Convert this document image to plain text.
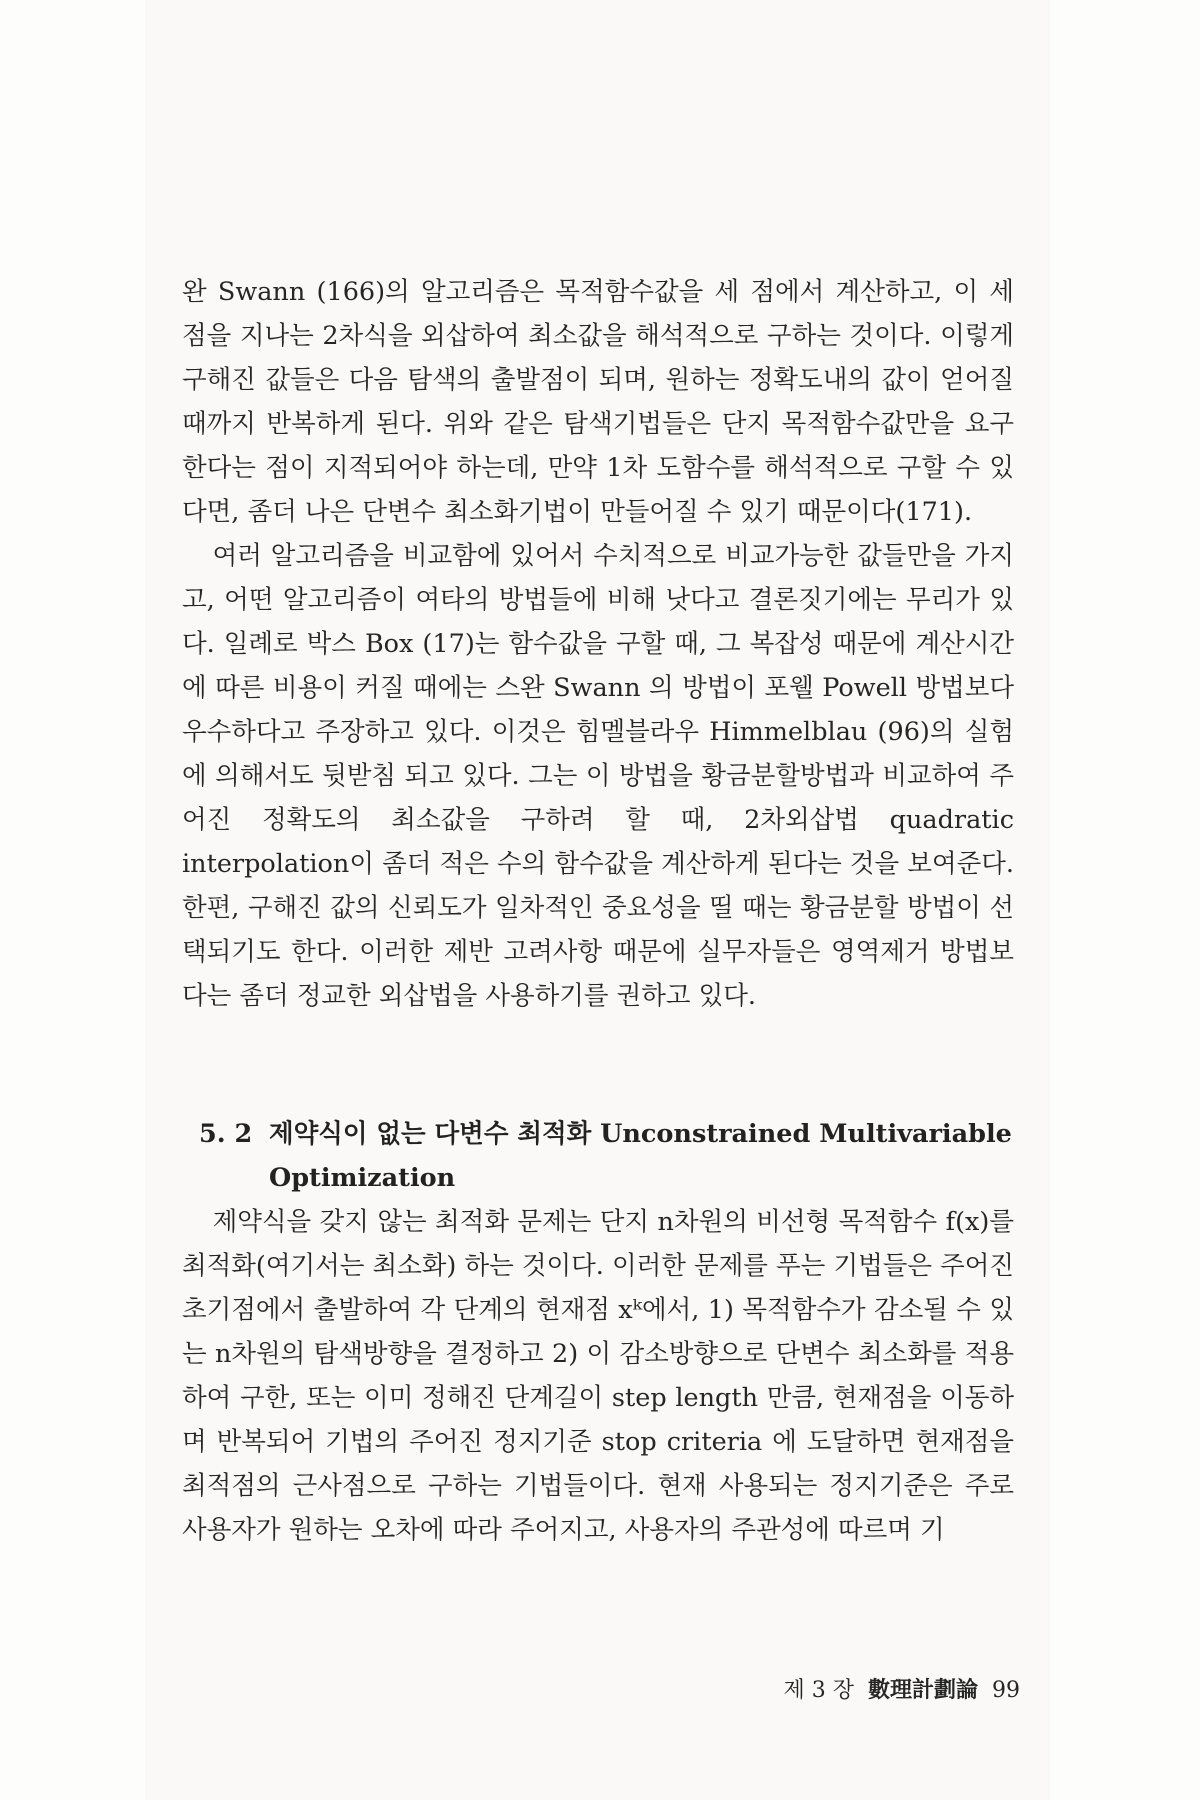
완 Swann (166)의 알고리즘은 목적함수값을 세 점에서 계산하고, 이 세 점을 지나는 2차식을 외삽하여 최소값을 해석적으로 구하는 것이다. 이렇게 구해진 값들은 다음 탐색의 출발점이 되며, 원하는 정확도내의 값이 얻어질 때까지 반복하게 된다. 위와 같은 탐색기법들은 단지 목적함수값만을 요구한다는 점이 지적되어야 하는데, 만약 1차 도함수를 해석적으로 구할 수 있다면, 좀더 나은 단변수 최소화기법이 만들어질 수 있기 때문이다(171).

여러 알고리즘을 비교함에 있어서 수치적으로 비교가능한 값들만을 가지고, 어떤 알고리즘이 여타의 방법들에 비해 낫다고 결론짓기에는 무리가 있다. 일례로 박스 Box (17)는 함수값을 구할 때, 그 복잡성 때문에 계산시간에 따른 비용이 커질 때에는 스완 Swann 의 방법이 포웰 Powell 방법보다 우수하다고 주장하고 있다. 이것은 힘멜블라우 Himmelblau (96)의 실험에 의해서도 뒷받침 되고 있다. 그는 이 방법을 황금분할방법과 비교하여 주어진 정확도의 최소값을 구하려 할 때, 2차외삽법 quadratic interpolation이 좀더 적은 수의 함수값을 계산하게 된다는 것을 보여준다. 한편, 구해진 값의 신뢰도가 일차적인 중요성을 띨 때는 황금분할 방법이 선택되기도 한다. 이러한 제반 고려사항 때문에 실무자들은 영역제거 방법보다는 좀더 정교한 외삽법을 사용하기를 권하고 있다.

5. 2 제약식이 없는 다변수 최적화 Unconstrained Multivariable
Optimization

제약식을 갖지 않는 최적화 문제는 단지 n차원의 비선형 목적함수 f(x)를 최적화(여기서는 최소화) 하는 것이다. 이러한 문제를 푸는 기법들은 주어진 초기점에서 출발하여 각 단계의 현재점 xᵏ에서, 1) 목적함수가 감소될 수 있는 n차원의 탐색방향을 결정하고 2) 이 감소방향으로 단변수 최소화를 적용하여 구한, 또는 이미 정해진 단계길이 step length 만큼, 현재점을 이동하며 반복되어 기법의 주어진 정지기준 stop criteria 에 도달하면 현재점을 최적점의 근사점으로 구하는 기법들이다. 현재 사용되는 정지기준은 주로 사용자가 원하는 오차에 따라 주어지고, 사용자의 주관성에 따르며 기

제 3 장 數理計劃論 99
